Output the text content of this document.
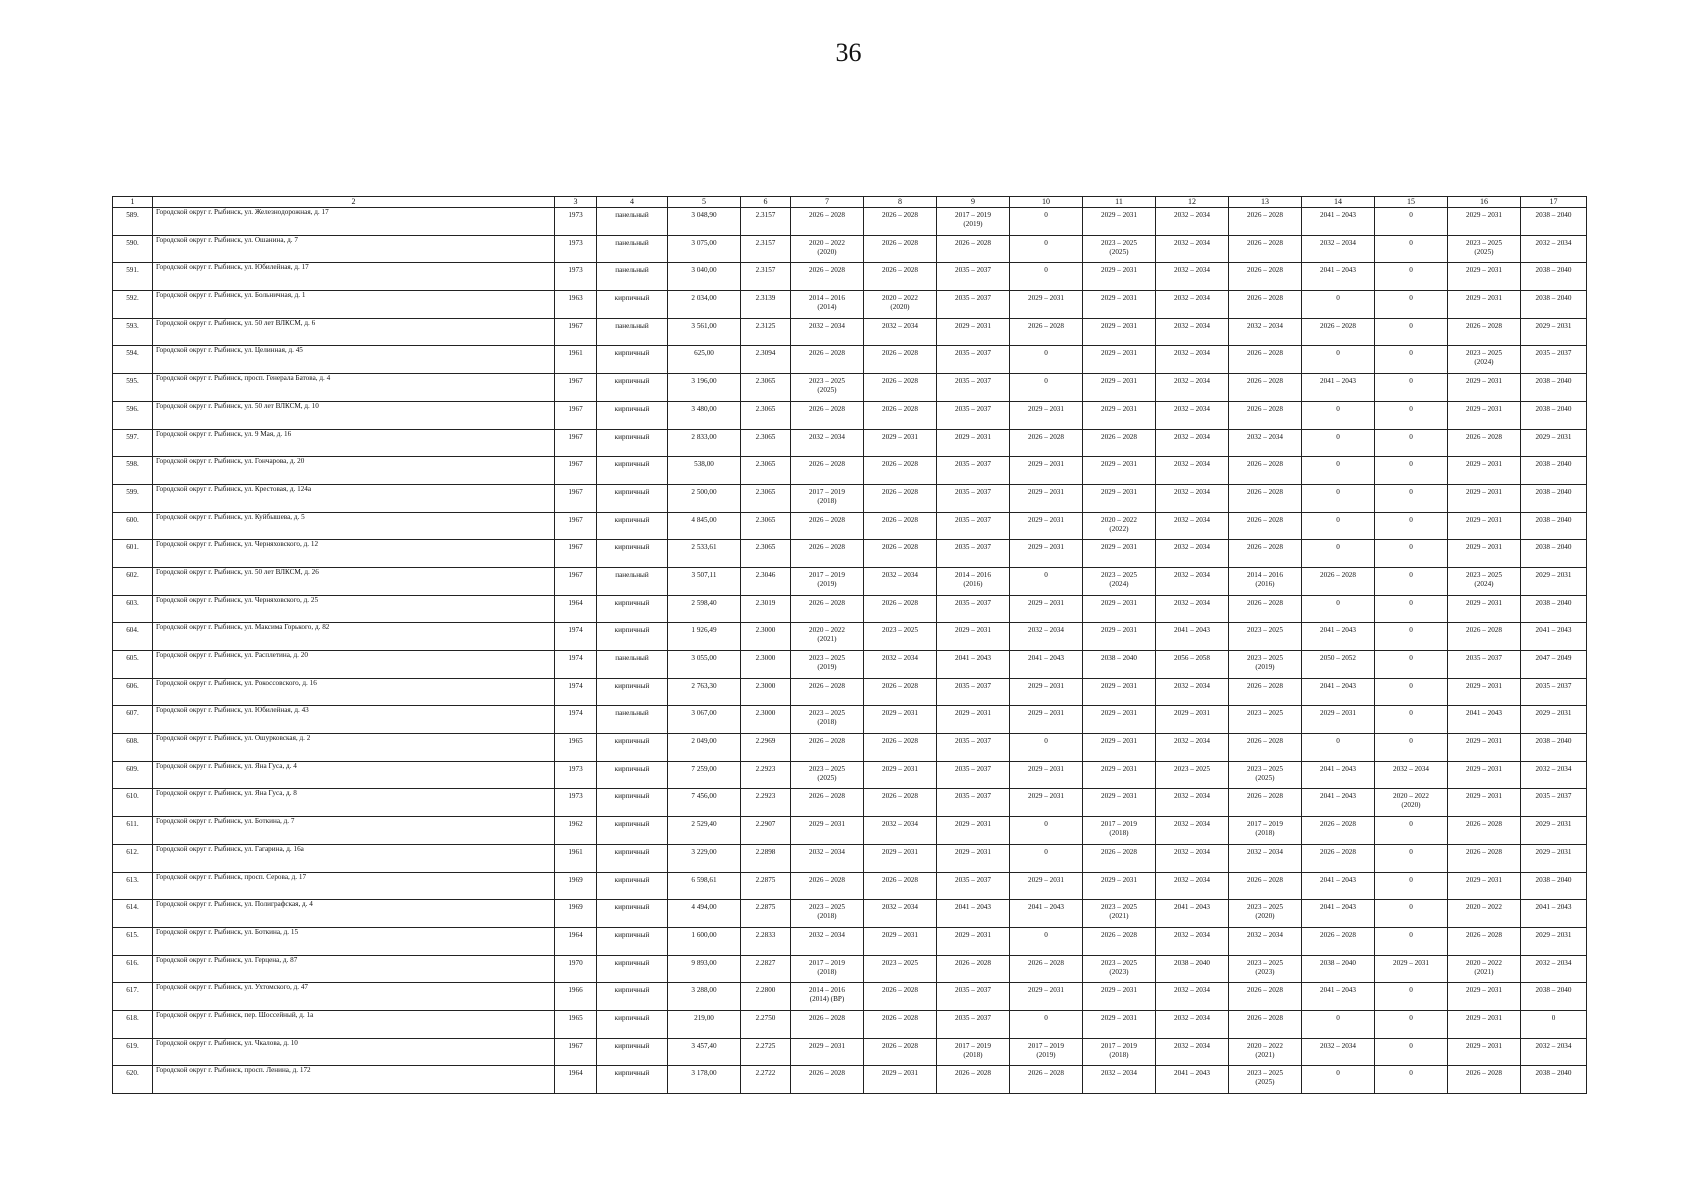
36
1	2	3	4	5	6	7	8	9	10	11	12	13	14	15	16	17
589.	Городской округ г. Рыбинск, ул. Железнодорожная, д. 17	1973	панельный	3 048,90	2.3157	2026 – 2028	2026 – 2028	2017 – 2019
(2019)	0	2029 – 2031	2032 – 2034	2026 – 2028	2041 – 2043	0	2029 – 2031	2038 – 2040
590.	Городской округ г. Рыбинск, ул. Ошанина, д. 7	1973	панельный	3 075,00	2.3157	2020 – 2022
(2020)	2026 – 2028	2026 – 2028	0	2023 – 2025
(2025)	2032 – 2034	2026 – 2028	2032 – 2034	0	2023 – 2025
(2025)	2032 – 2034
591.	Городской округ г. Рыбинск, ул. Юбилейная, д. 17	1973	панельный	3 040,00	2.3157	2026 – 2028	2026 – 2028	2035 – 2037	0	2029 – 2031	2032 – 2034	2026 – 2028	2041 – 2043	0	2029 – 2031	2038 – 2040
592.	Городской округ г. Рыбинск, ул. Больничная, д. 1	1963	кирпичный	2 034,00	2.3139	2014 – 2016
(2014)	2020 – 2022
(2020)	2035 – 2037	2029 – 2031	2029 – 2031	2032 – 2034	2026 – 2028	0	0	2029 – 2031	2038 – 2040
593.	Городской округ г. Рыбинск, ул. 50 лет ВЛКСМ, д. 6	1967	панельный	3 561,00	2.3125	2032 – 2034	2032 – 2034	2029 – 2031	2026 – 2028	2029 – 2031	2032 – 2034	2032 – 2034	2026 – 2028	0	2026 – 2028	2029 – 2031
594.	Городской округ г. Рыбинск, ул. Целинная, д. 45	1961	кирпичный	625,00	2.3094	2026 – 2028	2026 – 2028	2035 – 2037	0	2029 – 2031	2032 – 2034	2026 – 2028	0	0	2023 – 2025
(2024)	2035 – 2037
595.	Городской округ г. Рыбинск, просп. Генерала Батова, д. 4	1967	кирпичный	3 196,00	2.3065	2023 – 2025
(2025)	2026 – 2028	2035 – 2037	0	2029 – 2031	2032 – 2034	2026 – 2028	2041 – 2043	0	2029 – 2031	2038 – 2040
596.	Городской округ г. Рыбинск, ул. 50 лет ВЛКСМ, д. 10	1967	кирпичный	3 480,00	2.3065	2026 – 2028	2026 – 2028	2035 – 2037	2029 – 2031	2029 – 2031	2032 – 2034	2026 – 2028	0	0	2029 – 2031	2038 – 2040
597.	Городской округ г. Рыбинск, ул. 9 Мая, д. 16	1967	кирпичный	2 833,00	2.3065	2032 – 2034	2029 – 2031	2029 – 2031	2026 – 2028	2026 – 2028	2032 – 2034	2032 – 2034	0	0	2026 – 2028	2029 – 2031
598.	Городской округ г. Рыбинск, ул. Гончарова, д. 20	1967	кирпичный	538,00	2.3065	2026 – 2028	2026 – 2028	2035 – 2037	2029 – 2031	2029 – 2031	2032 – 2034	2026 – 2028	0	0	2029 – 2031	2038 – 2040
599.	Городской округ г. Рыбинск, ул. Крестовая, д. 124а	1967	кирпичный	2 500,00	2.3065	2017 – 2019
(2018)	2026 – 2028	2035 – 2037	2029 – 2031	2029 – 2031	2032 – 2034	2026 – 2028	0	0	2029 – 2031	2038 – 2040
600.	Городской округ г. Рыбинск, ул. Куйбышева, д. 5	1967	кирпичный	4 845,00	2.3065	2026 – 2028	2026 – 2028	2035 – 2037	2029 – 2031	2020 – 2022
(2022)	2032 – 2034	2026 – 2028	0	0	2029 – 2031	2038 – 2040
601.	Городской округ г. Рыбинск, ул. Черняховского, д. 12	1967	кирпичный	2 533,61	2.3065	2026 – 2028	2026 – 2028	2035 – 2037	2029 – 2031	2029 – 2031	2032 – 2034	2026 – 2028	0	0	2029 – 2031	2038 – 2040
602.	Городской округ г. Рыбинск, ул. 50 лет ВЛКСМ, д. 26	1967	панельный	3 507,11	2.3046	2017 – 2019
(2019)	2032 – 2034	2014 – 2016
(2016)	0	2023 – 2025
(2024)	2032 – 2034	2014 – 2016
(2016)	2026 – 2028	0	2023 – 2025
(2024)	2029 – 2031
603.	Городской округ г. Рыбинск, ул. Черняховского, д. 25	1964	кирпичный	2 598,40	2.3019	2026 – 2028	2026 – 2028	2035 – 2037	2029 – 2031	2029 – 2031	2032 – 2034	2026 – 2028	0	0	2029 – 2031	2038 – 2040
604.	Городской округ г. Рыбинск, ул. Максима Горького, д. 82	1974	кирпичный	1 926,49	2.3000	2020 – 2022
(2021)	2023 – 2025	2029 – 2031	2032 – 2034	2029 – 2031	2041 – 2043	2023 – 2025	2041 – 2043	0	2026 – 2028	2041 – 2043
605.	Городской округ г. Рыбинск, ул. Расплетина, д. 20	1974	панельный	3 055,00	2.3000	2023 – 2025
(2019)	2032 – 2034	2041 – 2043	2041 – 2043	2038 – 2040	2056 – 2058	2023 – 2025
(2019)	2050 – 2052	0	2035 – 2037	2047 – 2049
606.	Городской округ г. Рыбинск, ул. Рокоссовского, д. 16	1974	кирпичный	2 763,30	2.3000	2026 – 2028	2026 – 2028	2035 – 2037	2029 – 2031	2029 – 2031	2032 – 2034	2026 – 2028	2041 – 2043	0	2029 – 2031	2035 – 2037
607.	Городской округ г. Рыбинск, ул. Юбилейная, д. 43	1974	панельный	3 067,00	2.3000	2023 – 2025
(2018)	2029 – 2031	2029 – 2031	2029 – 2031	2029 – 2031	2029 – 2031	2023 – 2025	2029 – 2031	0	2041 – 2043	2029 – 2031
608.	Городской округ г. Рыбинск, ул. Ошурковская, д. 2	1965	кирпичный	2 049,00	2.2969	2026 – 2028	2026 – 2028	2035 – 2037	0	2029 – 2031	2032 – 2034	2026 – 2028	0	0	2029 – 2031	2038 – 2040
609.	Городской округ г. Рыбинск, ул. Яна Гуса, д. 4	1973	кирпичный	7 259,00	2.2923	2023 – 2025
(2025)	2029 – 2031	2035 – 2037	2029 – 2031	2029 – 2031	2023 – 2025	2023 – 2025
(2025)	2041 – 2043	2032 – 2034	2029 – 2031	2032 – 2034
610.	Городской округ г. Рыбинск, ул. Яна Гуса, д. 8	1973	кирпичный	7 456,00	2.2923	2026 – 2028	2026 – 2028	2035 – 2037	2029 – 2031	2029 – 2031	2032 – 2034	2026 – 2028	2041 – 2043	2020 – 2022
(2020)	2029 – 2031	2035 – 2037
611.	Городской округ г. Рыбинск, ул. Боткина, д. 7	1962	кирпичный	2 529,40	2.2907	2029 – 2031	2032 – 2034	2029 – 2031	0	2017 – 2019
(2018)	2032 – 2034	2017 – 2019
(2018)	2026 – 2028	0	2026 – 2028	2029 – 2031
612.	Городской округ г. Рыбинск, ул. Гагарина, д. 16а	1961	кирпичный	3 229,00	2.2898	2032 – 2034	2029 – 2031	2029 – 2031	0	2026 – 2028	2032 – 2034	2032 – 2034	2026 – 2028	0	2026 – 2028	2029 – 2031
613.	Городской округ г. Рыбинск, просп. Серова, д. 17	1969	кирпичный	6 598,61	2.2875	2026 – 2028	2026 – 2028	2035 – 2037	2029 – 2031	2029 – 2031	2032 – 2034	2026 – 2028	2041 – 2043	0	2029 – 2031	2038 – 2040
614.	Городской округ г. Рыбинск, ул. Полиграфская, д. 4	1969	кирпичный	4 494,00	2.2875	2023 – 2025
(2018)	2032 – 2034	2041 – 2043	2041 – 2043	2023 – 2025
(2021)	2041 – 2043	2023 – 2025
(2020)	2041 – 2043	0	2020 – 2022	2041 – 2043
615.	Городской округ г. Рыбинск, ул. Боткина, д. 15	1964	кирпичный	1 600,00	2.2833	2032 – 2034	2029 – 2031	2029 – 2031	0	2026 – 2028	2032 – 2034	2032 – 2034	2026 – 2028	0	2026 – 2028	2029 – 2031
616.	Городской округ г. Рыбинск, ул. Герцена, д. 87	1970	кирпичный	9 893,00	2.2827	2017 – 2019
(2018)	2023 – 2025	2026 – 2028	2026 – 2028	2023 – 2025
(2023)	2038 – 2040	2023 – 2025
(2023)	2038 – 2040	2029 – 2031	2020 – 2022
(2021)	2032 – 2034
617.	Городской округ г. Рыбинск, ул. Ухтомского, д. 47	1966	кирпичный	3 288,00	2.2800	2014 – 2016
(2014) (ВР)	2026 – 2028	2035 – 2037	2029 – 2031	2029 – 2031	2032 – 2034	2026 – 2028	2041 – 2043	0	2029 – 2031	2038 – 2040
618.	Городской округ г. Рыбинск, пер. Шоссейный, д. 1а	1965	кирпичный	219,00	2.2750	2026 – 2028	2026 – 2028	2035 – 2037	0	2029 – 2031	2032 – 2034	2026 – 2028	0	0	2029 – 2031	0
619.	Городской округ г. Рыбинск, ул. Чкалова, д. 10	1967	кирпичный	3 457,40	2.2725	2029 – 2031	2026 – 2028	2017 – 2019
(2018)	2017 – 2019
(2019)	2017 – 2019
(2018)	2032 – 2034	2020 – 2022
(2021)	2032 – 2034	0	2029 – 2031	2032 – 2034
620.	Городской округ г. Рыбинск, просп. Ленина, д. 172	1964	кирпичный	3 178,00	2.2722	2026 – 2028	2029 – 2031	2026 – 2028	2026 – 2028	2032 – 2034	2041 – 2043	2023 – 2025
(2025)	0	0	2026 – 2028	2038 – 2040
